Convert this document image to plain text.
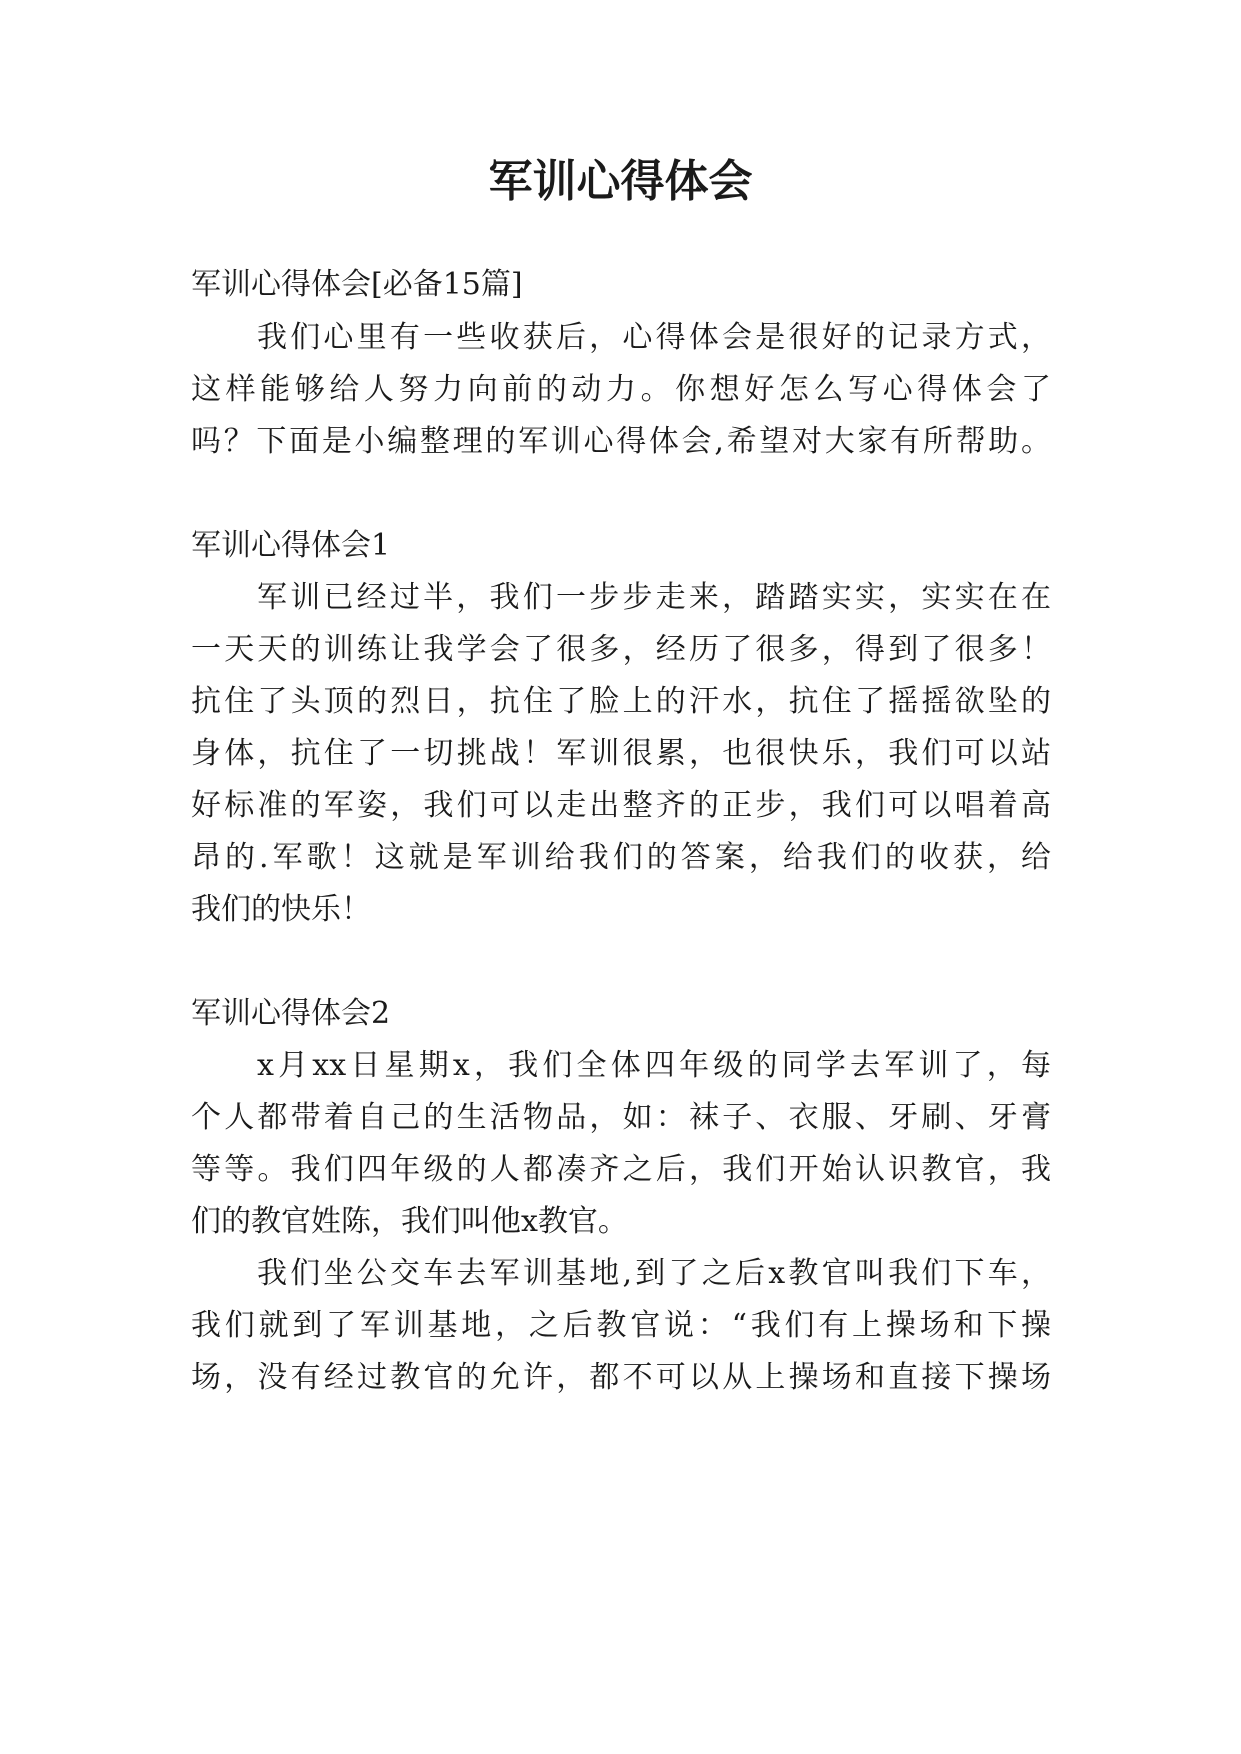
军训心得体会

军训心得体会[必备15篇]

我们心里有一些收获后，心得体会是很好的记录方式，

这样能够给人努力向前的动力。你想好怎么写心得体会了

吗？下面是小编整理的军训心得体会,希望对大家有所帮助。

军训心得体会1

军训已经过半，我们一步步走来，踏踏实实，实实在在

一天天的训练让我学会了很多，经历了很多，得到了很多！

抗住了头顶的烈日，抗住了脸上的汗水，抗住了摇摇欲坠的

身体，抗住了一切挑战！军训很累，也很快乐，我们可以站

好标准的军姿，我们可以走出整齐的正步，我们可以唱着高

昂的.军歌！这就是军训给我们的答案，给我们的收获，给

我们的快乐！

军训心得体会2

x月xx日星期x，我们全体四年级的同学去军训了，每

个人都带着自己的生活物品，如：袜子、衣服、牙刷、牙膏

等等。我们四年级的人都凑齐之后，我们开始认识教官，我

们的教官姓陈，我们叫他x教官。

我们坐公交车去军训基地,到了之后x教官叫我们下车，

我们就到了军训基地，之后教官说：“我们有上操场和下操

场，没有经过教官的允许，都不可以从上操场和直接下操场
